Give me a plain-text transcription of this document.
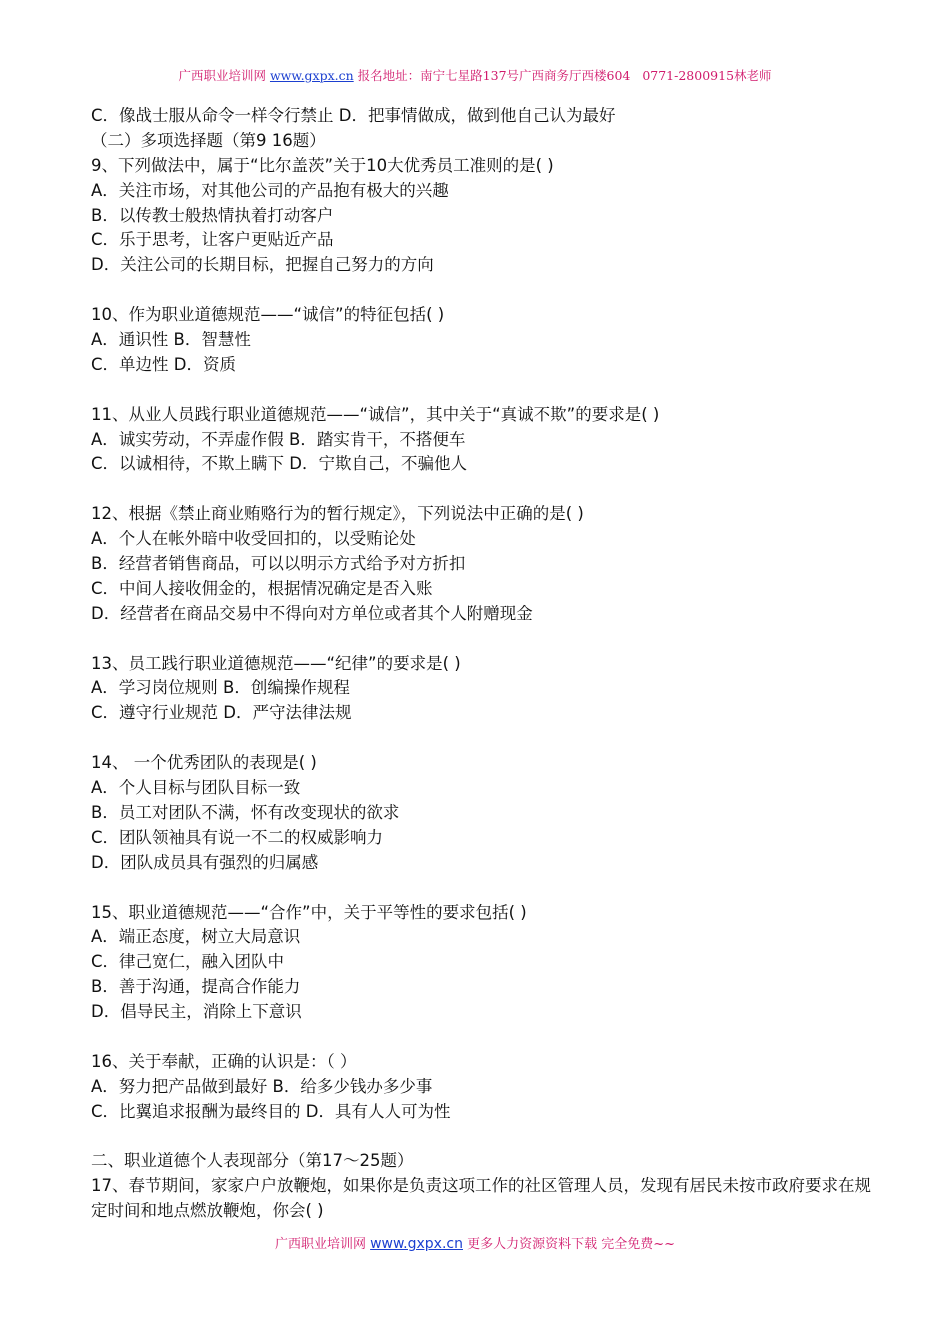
广西职业培训网 www.gxpx.cn 报名地址：南宁七星路137号广西商务厅西楼604 0771-2800915林老师
C．像战士服从命令一样令行禁止 D．把事情做成，做到他自己认为最好
（二）多项选择题（第9 16题）
9、下列做法中，属于“比尔盖茨”关于10大优秀员工准则的是( )
A．关注市场，对其他公司的产品抱有极大的兴趣
B．以传教士般热情执着打动客户
C．乐于思考，让客户更贴近产品
D．关注公司的长期目标，把握自己努力的方向
10、作为职业道德规范——“诚信”的特征包括( )
A．通识性 B．智慧性
C．单边性 D．资质
11、从业人员践行职业道德规范——“诚信”，其中关于“真诚不欺”的要求是( )
A．诚实劳动，不弄虚作假 B．踏实肯干，不搭便车
C．以诚相待，不欺上瞒下 D．宁欺自己，不骗他人
12、根据《禁止商业贿赂行为的暂行规定》，下列说法中正确的是( )
A．个人在帐外暗中收受回扣的，以受贿论处
B．经营者销售商品，可以以明示方式给予对方折扣
C．中间人接收佣金的，根据情况确定是否入账
D．经营者在商品交易中不得向对方单位或者其个人附赠现金
13、员工践行职业道德规范——“纪律”的要求是( )
A．学习岗位规则 B．创编操作规程
C．遵守行业规范 D．严守法律法规
14、 一个优秀团队的表现是( )
A．个人目标与团队目标一致
B．员工对团队不满，怀有改变现状的欲求
C．团队领袖具有说一不二的权威影响力
D．团队成员具有强烈的归属感
15、职业道德规范——“合作”中，关于平等性的要求包括( )
A．端正态度，树立大局意识
C．律己宽仁，融入团队中
B．善于沟通，提高合作能力
D．倡导民主，消除上下意识
16、关于奉献，正确的认识是：（ ）
A．努力把产品做到最好 B．给多少钱办多少事
C．比翼追求报酬为最终目的 D．具有人人可为性
二、职业道德个人表现部分（第17～25题）
17、春节期间，家家户户放鞭炮，如果你是负责这项工作的社区管理人员，发现有居民未按市政府要求在规定时间和地点燃放鞭炮，你会( )
广西职业培训网 www.gxpx.cn 更多人力资源资料下载 完全免费~~
